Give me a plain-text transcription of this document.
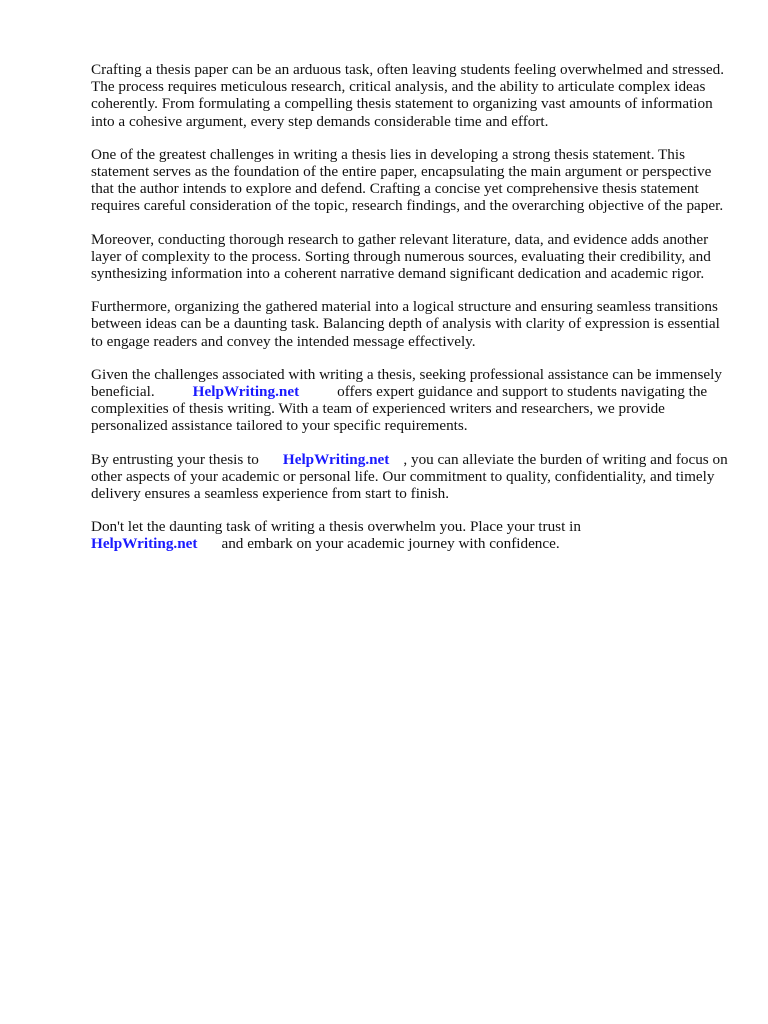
Crafting a thesis paper can be an arduous task, often leaving students feeling overwhelmed and stressed. The process requires meticulous research, critical analysis, and the ability to articulate complex ideas coherently. From formulating a compelling thesis statement to organizing vast amounts of information into a cohesive argument, every step demands considerable time and effort.

One of the greatest challenges in writing a thesis lies in developing a strong thesis statement. This statement serves as the foundation of the entire paper, encapsulating the main argument or perspective that the author intends to explore and defend. Crafting a concise yet comprehensive thesis statement requires careful consideration of the topic, research findings, and the overarching objective of the paper.

Moreover, conducting thorough research to gather relevant literature, data, and evidence adds another layer of complexity to the process. Sorting through numerous sources, evaluating their credibility, and synthesizing information into a coherent narrative demand significant dedication and academic rigor.

Furthermore, organizing the gathered material into a logical structure and ensuring seamless transitions between ideas can be a daunting task. Balancing depth of analysis with clarity of expression is essential to engage readers and convey the intended message effectively.

Given the challenges associated with writing a thesis, seeking professional assistance can be immensely beneficial.	HelpWriting.net	offers expert guidance and support to students navigating the complexities of thesis writing. With a team of experienced writers and researchers, we provide personalized assistance tailored to your specific requirements.

By entrusting your thesis to HelpWriting.net , you can alleviate the burden of writing and focus on other aspects of your academic or personal life. Our commitment to quality, confidentiality, and timely delivery ensures a seamless experience from start to finish.

Don't let the daunting task of writing a thesis overwhelm you. Place your trust in
HelpWriting.net and embark on your academic journey with confidence.
